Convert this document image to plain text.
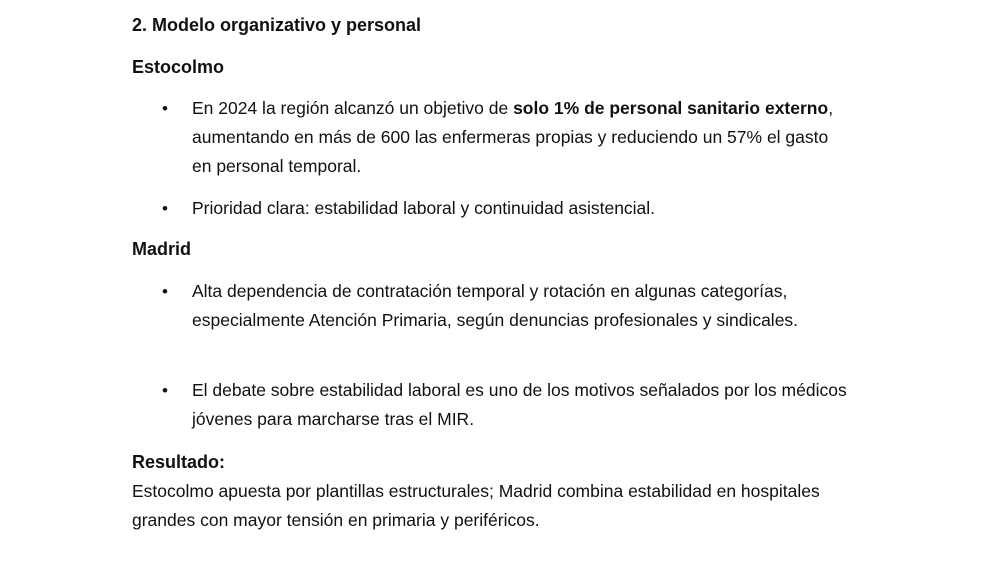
2. Modelo organizativo y personal
Estocolmo
• En 2024 la región alcanzó un objetivo de solo 1% de personal sanitario externo, aumentando en más de 600 las enfermeras propias y reduciendo un 57% el gasto en personal temporal.
• Prioridad clara: estabilidad laboral y continuidad asistencial.
Madrid
• Alta dependencia de contratación temporal y rotación en algunas categorías, especialmente Atención Primaria, según denuncias profesionales y sindicales.
• El debate sobre estabilidad laboral es uno de los motivos señalados por los médicos jóvenes para marcharse tras el MIR.
Resultado:
Estocolmo apuesta por plantillas estructurales; Madrid combina estabilidad en hospitales grandes con mayor tensión en primaria y periféricos.
